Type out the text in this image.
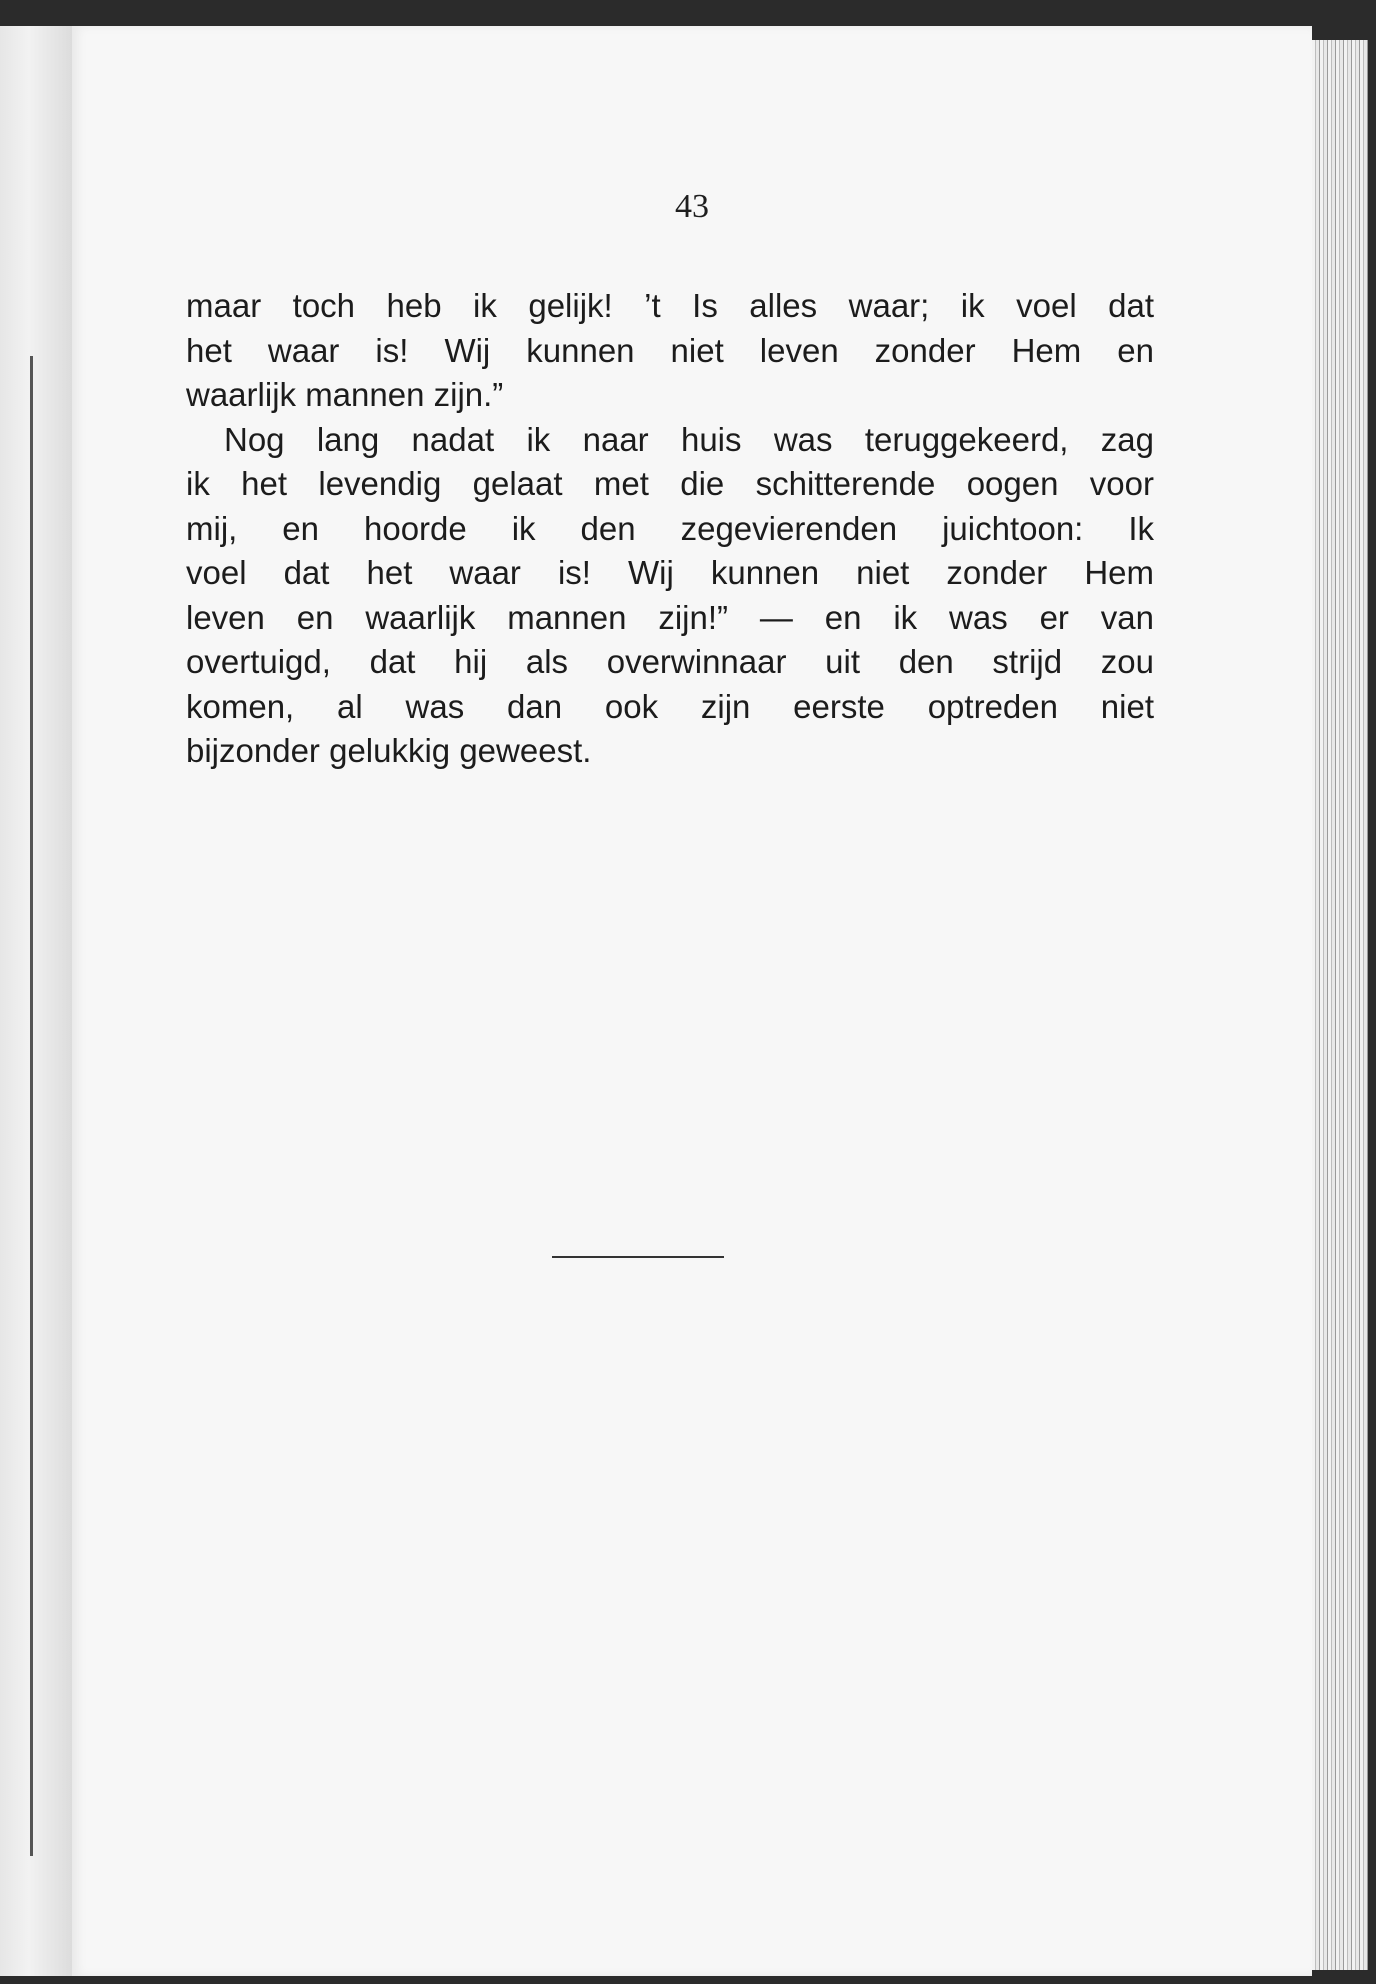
43
maar toch heb ik gelijk! ’t Is alles waar; ik voel dat
het waar is! Wij kunnen niet leven zonder Hem en
waarlijk mannen zijn.”
Nog lang nadat ik naar huis was teruggekeerd, zag
ik het levendig gelaat met die schitterende oogen voor
mij, en hoorde ik den zegevierenden juichtoon: Ik
voel dat het waar is! Wij kunnen niet zonder Hem
leven en waarlijk mannen zijn!” — en ik was er van
overtuigd, dat hij als overwinnaar uit den strijd zou
komen, al was dan ook zijn eerste optreden niet
bijzonder gelukkig geweest.
